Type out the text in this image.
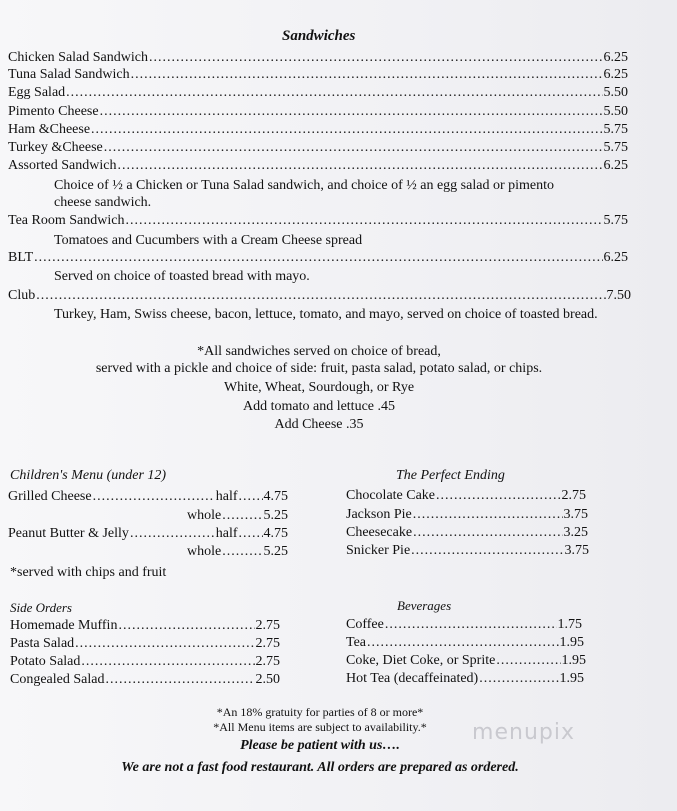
Sandwiches
Chicken Salad Sandwich .....	6.25
Tuna Salad Sandwich .....	6.25
Egg Salad .....	5.50
Pimento Cheese .....	5.50
Ham &Cheese .....	5.75
Turkey &Cheese .....	5.75
Assorted Sandwich .....	6.25
Choice of ½ a Chicken or Tuna Salad sandwich, and choice of ½ an egg salad or pimento cheese sandwich.
Tea Room Sandwich .....	5.75
Tomatoes and Cucumbers with a Cream Cheese spread
BLT .....	6.25
Served on choice of toasted bread with mayo.
Club .....	7.50
Turkey, Ham, Swiss cheese, bacon, lettuce, tomato, and mayo, served on choice of toasted bread.
*All sandwiches served on choice of bread,
served with a pickle and choice of side: fruit, pasta salad, potato salad, or chips.
White, Wheat, Sourdough, or Rye
Add tomato and lettuce .45
Add Cheese .35
Children's Menu (under 12)
Grilled Cheese .....	half ..... 4.75
whole .....	5.25
Peanut Butter & Jelly .....	half ..... 4.75
whole .....	5.25
*served with chips and fruit
The Perfect Ending
Chocolate Cake .....	2.75
Jackson Pie .....	3.75
Cheesecake .....	3.25
Snicker Pie .....	3.75
Side Orders
Homemade Muffin .....	2.75
Pasta Salad .....	2.75
Potato Salad .....	2.75
Congealed Salad .....	2.50
Beverages
Coffee .....	1.75
Tea .....	1.95
Coke, Diet Coke, or Sprite .....	1.95
Hot Tea (decaffeinated) .....	1.95
*An 18% gratuity for parties of 8 or more*
*All Menu items are subject to availability.*
Please be patient with us….
We are not a fast food restaurant. All orders are prepared as ordered.
menupix
